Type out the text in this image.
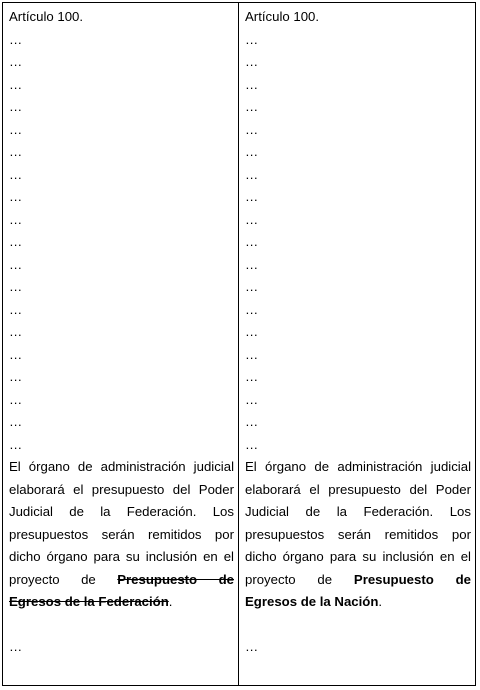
Artículo 100.
…
…
…
…
…
…
…
…
…
…
…
…
…
…
…
…
…
…
…

El órgano de administración judicial elaborará el presupuesto del Poder Judicial de la Federación. Los presupuestos serán remitidos por dicho órgano para su inclusión en el proyecto de Presupuesto de Egresos de la Federación.

…
Artículo 100.
…
…
…
…
…
…
…
…
…
…
…
…
…
…
…
…
…
…
…

El órgano de administración judicial elaborará el presupuesto del Poder Judicial de la Federación. Los presupuestos serán remitidos por dicho órgano para su inclusión en el proyecto de Presupuesto de Egresos de la Nación.

…
